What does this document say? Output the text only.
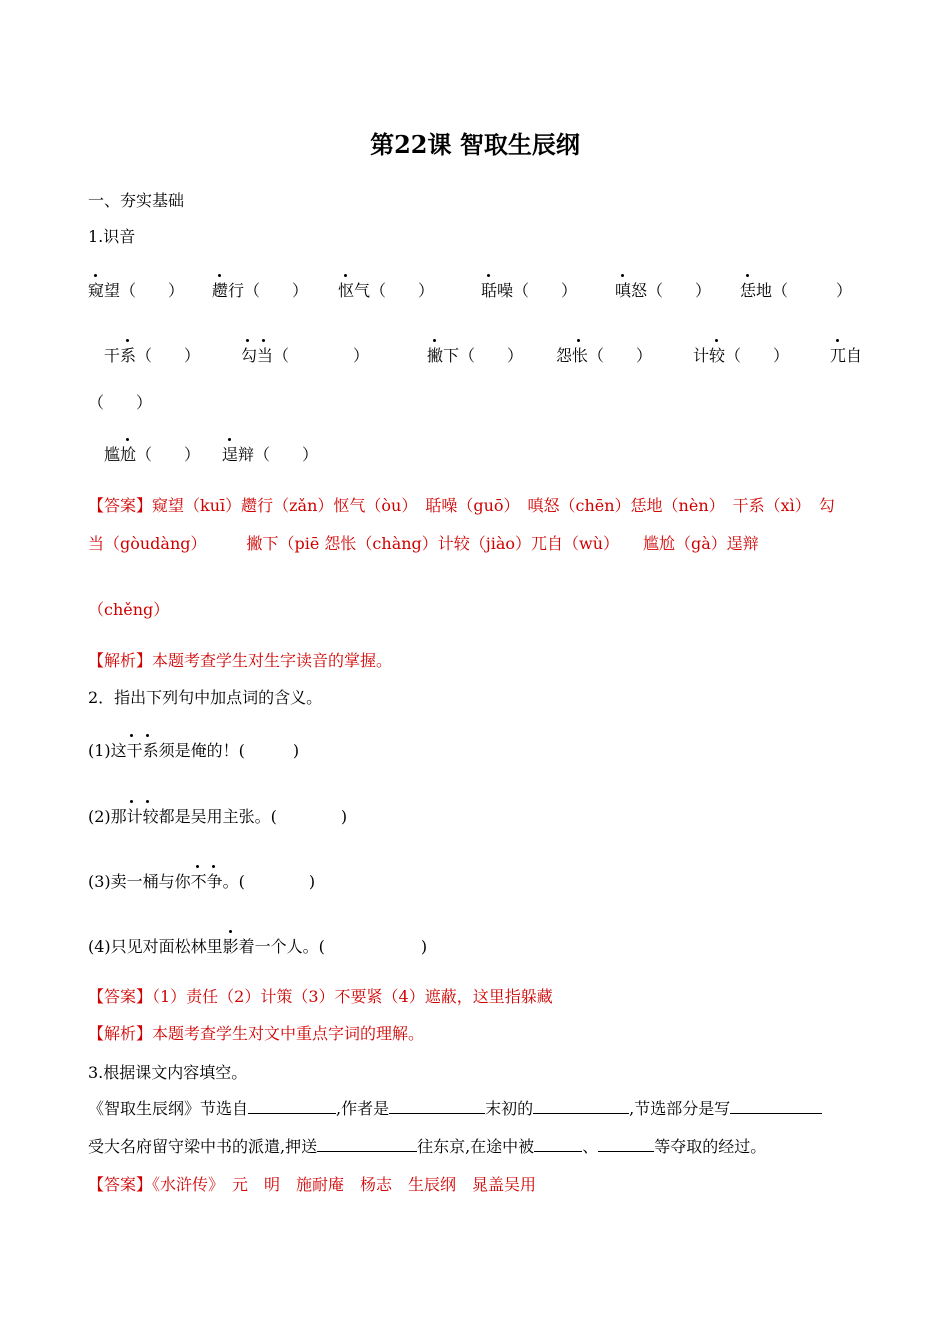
第22课 智取生辰纲
一、夯实基础
1.识音
窥望（　　） 趱行（　　） 怄气（　　）	聒噪（　　） 嗔怒（　　） 恁地（　　　）
干系（　　）	勾当（　　　　）	撇下（　　） 怨怅（　　）	计较（　　）	兀自
（　　）
尴尬（　　） 逞辩（　　）
【答案】窥望（kuī）趱行（zǎn）怄气（òu）　聒噪（guō）　嗔怒（chēn）恁地（nèn）　干系（xì）　勾
当（gòudàng）　　　撇下（piē 怨怅（chàng）计较（jiào）兀自（wù）　　尴尬（gà）逞辩
（chěng）
【解析】本题考查学生对生字读音的掌握。
2．指出下列句中加点词的含义。
(1)这干系须是俺的！(　　　)
(2)那计较都是吴用主张。(　　　　)
(3)卖一桶与你不争。(　　　　)
(4)只见对面松林里影着一个人。(　　　　　　)
【答案】（1）责任（2）计策（3）不要紧（4）遮蔽，这里指躲藏
【解析】本题考查学生对文中重点字词的理解。
3.根据课文内容填空。
《智取生辰纲》节选自	,作者是	末初的	,节选部分是写
受大名府留守梁中书的派遣,押送	往东京,在途中被	、	等夺取的经过。
【答案】《水浒传》　元　明　施耐庵　杨志　生辰纲　晁盖吴用
